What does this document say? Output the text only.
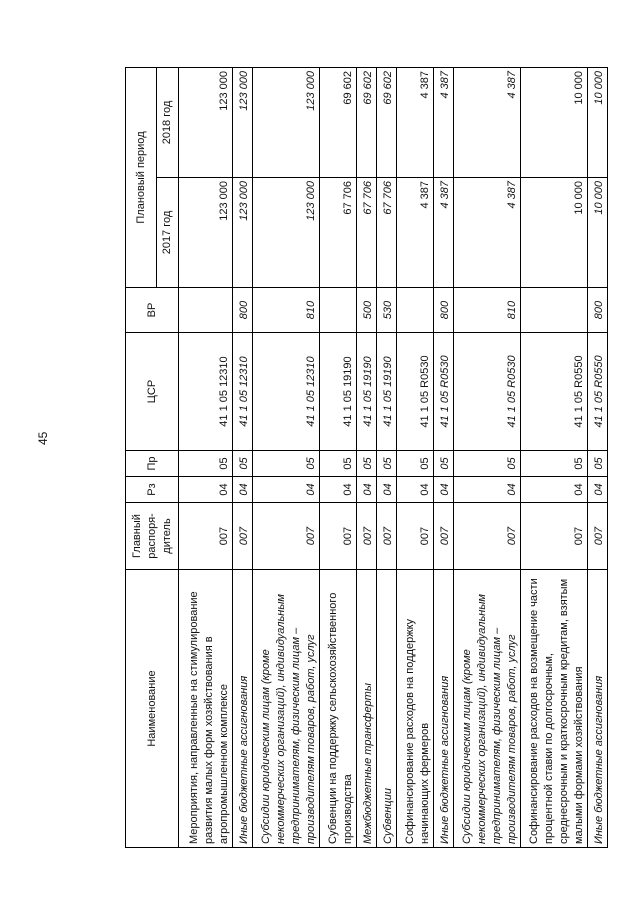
45
Наименование	Главный распоря-дитель	Рз	Пр	ЦСР	ВР	Плановый период	
						2017 год	2018 год
Мероприятия, направленные на стимулирование развития малых форм хозяйствования в агропромышленном комплексе	007	04	05	41 1 05 12310		123 000	123 000
Иные бюджетные ассигнования	007	04	05	41 1 05 12310	800	123 000	123 000
Субсидии юридическим лицам (кроме некоммерческих организаций), индивидуальным предпринимателям, физическим лицам – производителям товаров, работ, услуг	007	04	05	41 1 05 12310	810	123 000	123 000
Субвенции на поддержку сельскохозяйственного производства	007	04	05	41 1 05 19190		67 706	69 602
Межбюджетные трансферты	007	04	05	41 1 05 19190	500	67 706	69 602
Субвенции	007	04	05	41 1 05 19190	530	67 706	69 602
Софинансирование расходов на поддержку начинающих фермеров	007	04	05	41 1 05 R0530		4 387	4 387
Иные бюджетные ассигнования	007	04	05	41 1 05 R0530	800	4 387	4 387
Субсидии юридическим лицам (кроме некоммерческих организаций), индивидуальным предпринимателям, физическим лицам – производителям товаров, работ, услуг	007	04	05	41 1 05 R0530	810	4 387	4 387
Софинансирование расходов на возмещение части процентной ставки по долгосрочным, среднесрочным и краткосрочным кредитам, взятым малыми формами хозяйствования	007	04	05	41 1 05 R0550		10 000	10 000
Иные бюджетные ассигнования	007	04	05	41 1 05 R0550	800	10 000	10 000
